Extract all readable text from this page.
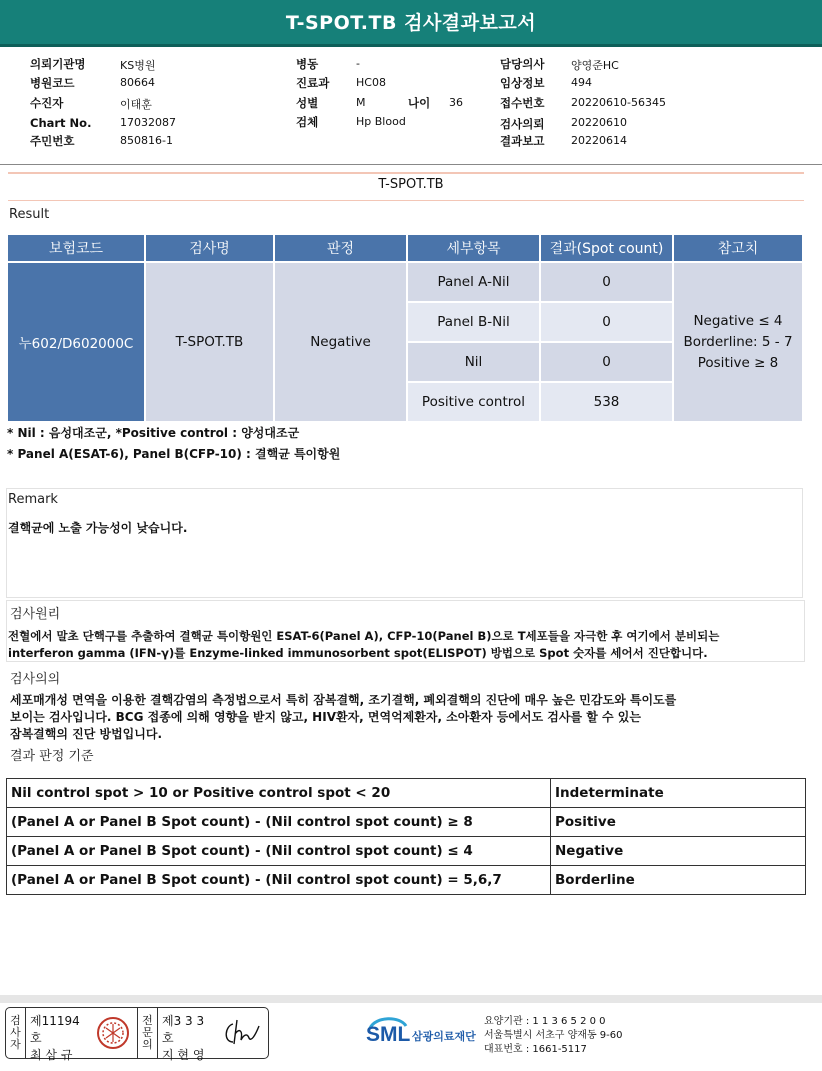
T-SPOT.TB 검사결과보고서
의뢰기관명	KS병원
병원코드	80664
수진자	이태훈
Chart No.	17032087
주민번호	850816-1
병동	-
진료과 HC08
성별	M	나이 36
검체	Hp Blood
담당의사 양영준HC
임상정보 494
접수번호 20220610-56345
검사의뢰 20220610
결과보고 20220614
T-SPOT.TB
Result
보험코드	검사명	판정	세부항목	결과(Spot count)	참고치
누602/D602000C	T-SPOT.TB	Negative	Panel A-Nil	0	Negative ≤ 4
Borderline: 5 - 7
Positive ≥ 8

			Panel B-Nil	0	
			Nil	0	
			Positive control	538	
* Nil : 음성대조군, *Positive control : 양성대조군
* Panel A(ESAT-6), Panel B(CFP-10) : 결핵균 특이항원
Remark
결핵균에 노출 가능성이 낮습니다.
검사원리
전혈에서 말초 단핵구를 추출하여 결핵균 특이항원인 ESAT-6(Panel A), CFP-10(Panel B)으로 T세포들을 자극한 후 여기에서 분비되는
interferon gamma (IFN-γ)를 Enzyme-linked immunosorbent spot(ELISPOT) 방법으로 Spot 숫자를 세어서 진단합니다.
검사의의
세포매개성 면역을 이용한 결핵감염의 측정법으로서 특히 잠복결핵, 조기결핵, 폐외결핵의 진단에 매우 높은 민감도와 특이도를
보이는 검사입니다. BCG 접종에 의해 영향을 받지 않고, HIV환자, 면역억제환자, 소아환자 등에서도 검사를 할 수 있는
잠복결핵의 진단 방법입니다.
결과 판정 기준
Nil control spot > 10 or Positive control spot < 20	Indeterminate
(Panel A or Panel B Spot count) - (Nil control spot count) ≥ 8	Positive
(Panel A or Panel B Spot count) - (Nil control spot count) ≤ 4	Negative
(Panel A or Panel B Spot count) - (Nil control spot count) = 5,6,7	Borderline
검
사
자
제11194호
최 삼 규
전
문
의
제3 3 3 호
지 현 영
SML 삼광의료재단
요양기관 : 1 1 3 6 5 2 0 0
서울특별시 서초구 양재동 9-60
대표번호 : 1661-5117
